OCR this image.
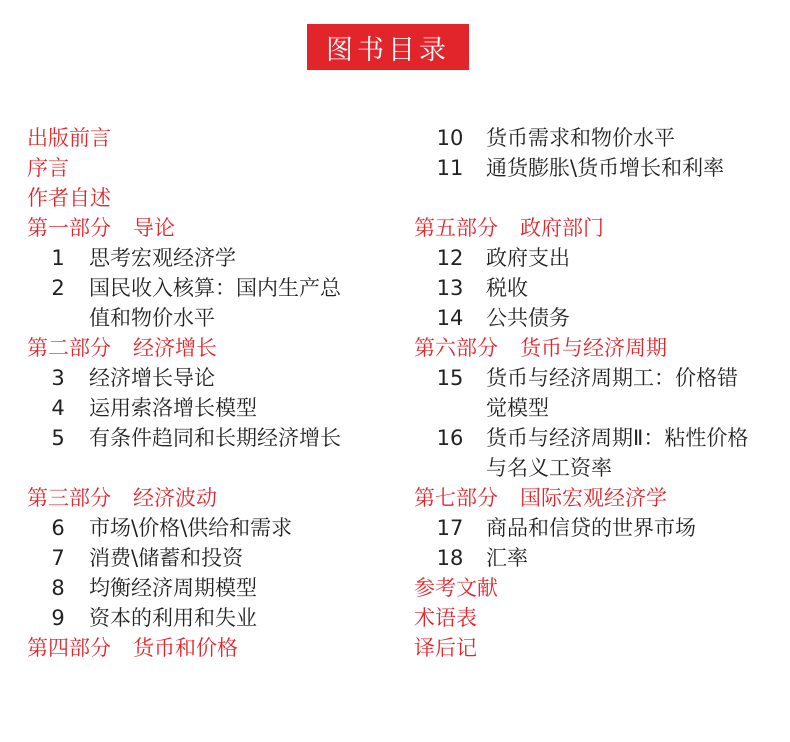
图书目录
出版前言
序言
作者自述
第一部分 导论
1	思考宏观经济学
2	国民收入核算：国内生产总值和物价水平
第二部分 经济增长
3	经济增长导论
4	运用索洛增长模型
5	有条件趋同和长期经济增长
第三部分 经济波动
6	市场\价格\供给和需求
7	消费\储蓄和投资
8	均衡经济周期模型
9	资本的利用和失业
第四部分 货币和价格
10	货币需求和物价水平
11	通货膨胀\货币增长和利率
第五部分 政府部门
12	政府支出
13	税收
14	公共债务
第六部分 货币与经济周期
15	货币与经济周期工：价格错觉模型
16	货币与经济周期Ⅱ：粘性价格与名义工资率
第七部分 国际宏观经济学
17	商品和信贷的世界市场
18	汇率
参考文献
术语表
译后记
